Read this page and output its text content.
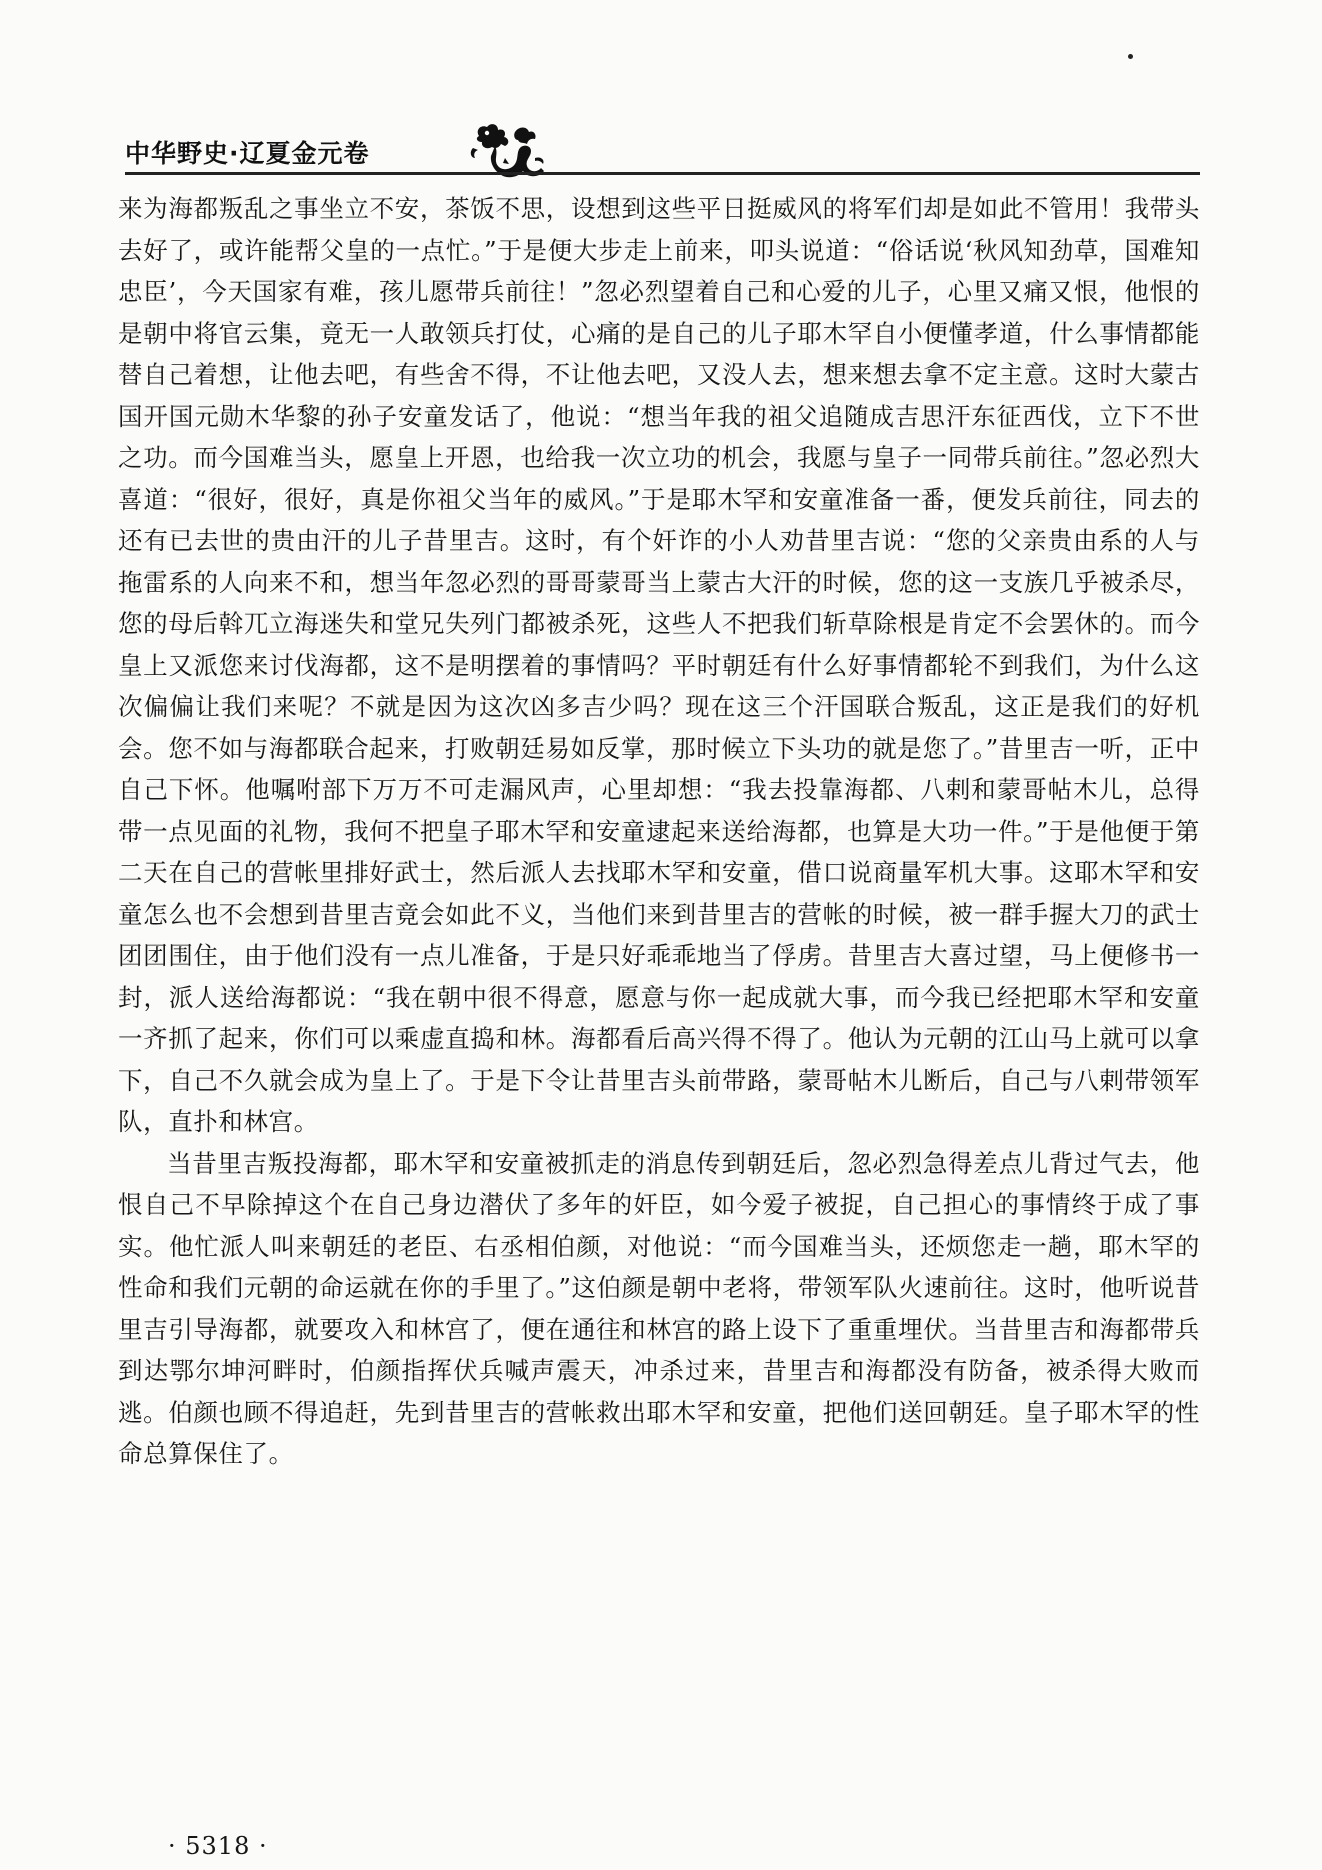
中华野史·辽夏金元卷

来为海都叛乱之事坐立不安，茶饭不思，设想到这些平日挺威风的将军们却是如此不管用！我带头去好了，或许能帮父皇的一点忙。”于是便大步走上前来，叩头说道：“俗话说‘秋风知劲草，国难知忠臣’，今天国家有难，孩儿愿带兵前往！”忽必烈望着自己和心爱的儿子，心里又痛又恨，他恨的是朝中将官云集，竟无一人敢领兵打仗，心痛的是自己的儿子耶木罕自小便懂孝道，什么事情都能替自己着想，让他去吧，有些舍不得，不让他去吧，又没人去，想来想去拿不定主意。这时大蒙古国开国元勋木华黎的孙子安童发话了，他说：“想当年我的祖父追随成吉思汗东征西伐，立下不世之功。而今国难当头，愿皇上开恩，也给我一次立功的机会，我愿与皇子一同带兵前往。”忽必烈大喜道：“很好，很好，真是你祖父当年的威风。”于是耶木罕和安童准备一番，便发兵前往，同去的还有已去世的贵由汗的儿子昔里吉。这时，有个奸诈的小人劝昔里吉说：“您的父亲贵由系的人与拖雷系的人向来不和，想当年忽必烈的哥哥蒙哥当上蒙古大汗的时候，您的这一支族几乎被杀尽，您的母后斡兀立海迷失和堂兄失列门都被杀死，这些人不把我们斩草除根是肯定不会罢休的。而今皇上又派您来讨伐海都，这不是明摆着的事情吗？平时朝廷有什么好事情都轮不到我们，为什么这次偏偏让我们来呢？不就是因为这次凶多吉少吗？现在这三个汗国联合叛乱，这正是我们的好机会。您不如与海都联合起来，打败朝廷易如反掌，那时候立下头功的就是您了。”昔里吉一听，正中自己下怀。他嘱咐部下万万不可走漏风声，心里却想：“我去投靠海都、八剌和蒙哥帖木儿，总得带一点见面的礼物，我何不把皇子耶木罕和安童逮起来送给海都，也算是大功一件。”于是他便于第二天在自己的营帐里排好武士，然后派人去找耶木罕和安童，借口说商量军机大事。这耶木罕和安童怎么也不会想到昔里吉竟会如此不义，当他们来到昔里吉的营帐的时候，被一群手握大刀的武士团团围住，由于他们没有一点儿准备，于是只好乖乖地当了俘虏。昔里吉大喜过望，马上便修书一封，派人送给海都说：“我在朝中很不得意，愿意与你一起成就大事，而今我已经把耶木罕和安童一齐抓了起来，你们可以乘虚直捣和林。海都看后高兴得不得了。他认为元朝的江山马上就可以拿下，自己不久就会成为皇上了。于是下令让昔里吉头前带路，蒙哥帖木儿断后，自己与八剌带领军队，直扑和林宫。

当昔里吉叛投海都，耶木罕和安童被抓走的消息传到朝廷后，忽必烈急得差点儿背过气去，他恨自己不早除掉这个在自己身边潜伏了多年的奸臣，如今爱子被捉，自己担心的事情终于成了事实。他忙派人叫来朝廷的老臣、右丞相伯颜，对他说：“而今国难当头，还烦您走一趟，耶木罕的性命和我们元朝的命运就在你的手里了。”这伯颜是朝中老将，带领军队火速前往。这时，他听说昔里吉引导海都，就要攻入和林宫了，便在通往和林宫的路上设下了重重埋伏。当昔里吉和海都带兵到达鄂尔坤河畔时，伯颜指挥伏兵喊声震天，冲杀过来，昔里吉和海都没有防备，被杀得大败而逃。伯颜也顾不得追赶，先到昔里吉的营帐救出耶木罕和安童，把他们送回朝廷。皇子耶木罕的性命总算保住了。

· 5318 ·
